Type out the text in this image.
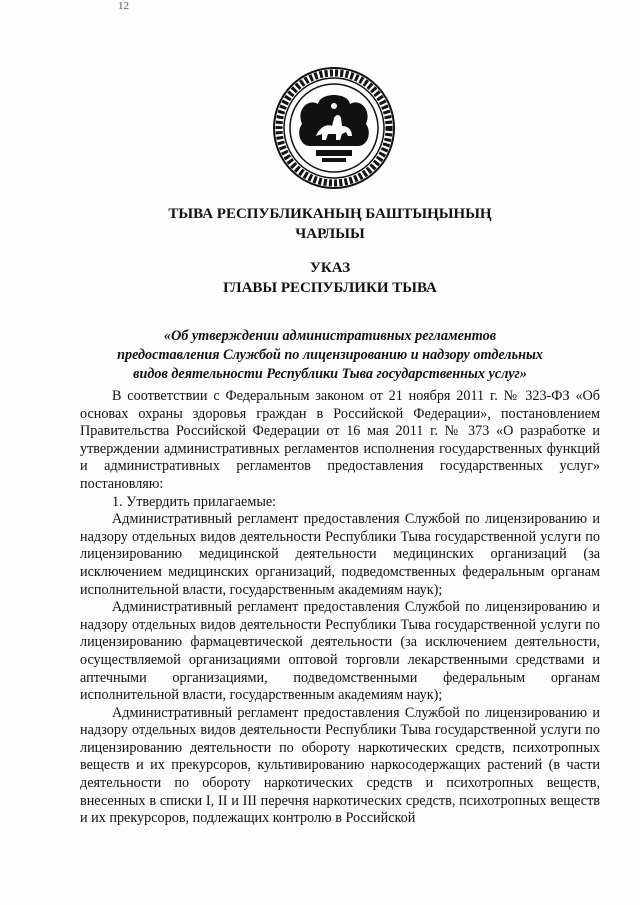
12
ТЫВА РЕСПУБЛИКАНЫҢ БАШТЫҢЫНЫҢ
ЧАРЛЫЫ
УКАЗ
ГЛАВЫ РЕСПУБЛИКИ ТЫВА
«Об утверждении административных регламентов
предоставления Службой по лицензированию и надзору отдельных
видов деятельности Республики Тыва государственных услуг»

В соответствии с Федеральным законом от 21 ноября 2011 г. № 323-ФЗ «Об основах охраны здоровья граждан в Российской Федерации», постановлением Правительства Российской Федерации от 16 мая 2011 г. № 373 «О разработке и утверждении административных регламентов исполнения государственных функций и административных регламентов предоставления государственных услуг» постановляю:

1. Утвердить прилагаемые:

Административный регламент предоставления Службой по лицензированию и надзору отдельных видов деятельности Республики Тыва государственной услуги по лицензированию медицинской деятельности медицинских организаций (за исключением медицинских организаций, подведомственных федеральным органам исполнительной власти, государственным академиям наук);

Административный регламент предоставления Службой по лицензированию и надзору отдельных видов деятельности Республики Тыва государственной услуги по лицензированию фармацевтической деятельности (за исключением деятельности, осуществляемой организациями оптовой торговли лекарственными средствами и аптечными организациями, подведомственными федеральным органам исполнительной власти, государственным академиям наук);

Административный регламент предоставления Службой по лицензированию и надзору отдельных видов деятельности Республики Тыва государственной услуги по лицензированию деятельности по обороту наркотических средств, психотропных веществ и их прекурсоров, культивированию наркосодержащих растений (в части деятельности по обороту наркотических средств и психотропных веществ, внесенных в списки I, II и III перечня наркотических средств, психотропных веществ и их прекурсоров, подлежащих контролю в Российской
